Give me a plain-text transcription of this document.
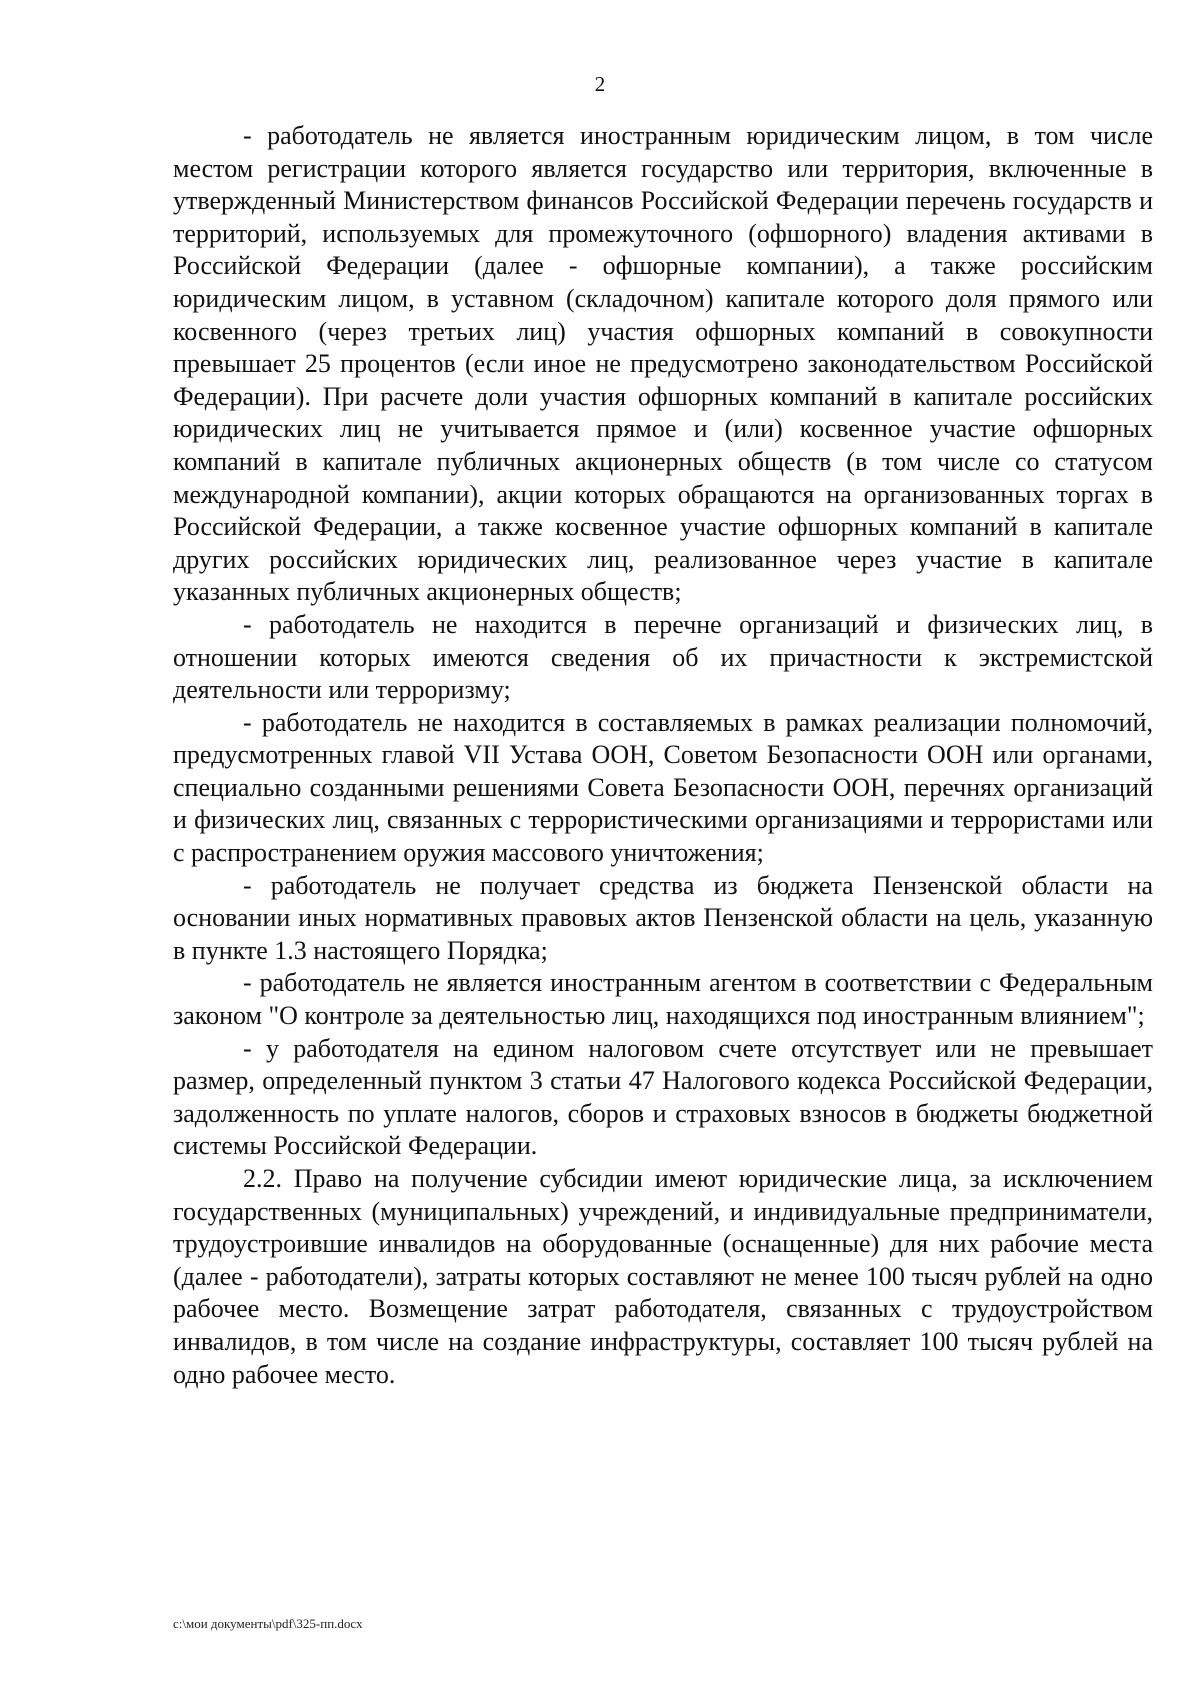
2

- работодатель не является иностранным юридическим лицом, в том числе местом регистрации которого является государство или территория, включенные в утвержденный Министерством финансов Российской Федерации перечень государств и территорий, используемых для промежуточного (офшорного) владения активами в Российской Федерации (далее - офшорные компании), а также российским юридическим лицом, в уставном (складочном) капитале которого доля прямого или косвенного (через третьих лиц) участия офшорных компаний в совокупности превышает 25 процентов (если иное не предусмотрено законодательством Российской Федерации). При расчете доли участия офшорных компаний в капитале российских юридических лиц не учитывается прямое и (или) косвенное участие офшорных компаний в капитале публичных акционерных обществ (в том числе со статусом международной компании), акции которых обращаются на организованных торгах в Российской Федерации, а также косвенное участие офшорных компаний в капитале других российских юридических лиц, реализованное через участие в капитале указанных публичных акционерных обществ;

- работодатель не находится в перечне организаций и физических лиц, в отношении которых имеются сведения об их причастности к экстремистской деятельности или терроризму;

- работодатель не находится в составляемых в рамках реализации полномочий, предусмотренных главой VII Устава ООН, Советом Безопасности ООН или органами, специально созданными решениями Совета Безопасности ООН, перечнях организаций и физических лиц, связанных с террористическими организациями и террористами или с распространением оружия массового уничтожения;

- работодатель не получает средства из бюджета Пензенской области на основании иных нормативных правовых актов Пензенской области на цель, указанную в пункте 1.3 настоящего Порядка;

- работодатель не является иностранным агентом в соответствии с Федеральным законом "О контроле за деятельностью лиц, находящихся под иностранным влиянием";

- у работодателя на едином налоговом счете отсутствует или не превышает размер, определенный пунктом 3 статьи 47 Налогового кодекса Российской Федерации, задолженность по уплате налогов, сборов и страховых взносов в бюджеты бюджетной системы Российской Федерации.

2.2. Право на получение субсидии имеют юридические лица, за исключением государственных (муниципальных) учреждений, и индивидуальные предприниматели, трудоустроившие инвалидов на оборудованные (оснащенные) для них рабочие места (далее - работодатели), затраты которых составляют не менее 100 тысяч рублей на одно рабочее место. Возмещение затрат работодателя, связанных с трудоустройством инвалидов, в том числе на создание инфраструктуры, составляет 100 тысяч рублей на одно рабочее место.

c:\мои документы\pdf\325-пп.docx
